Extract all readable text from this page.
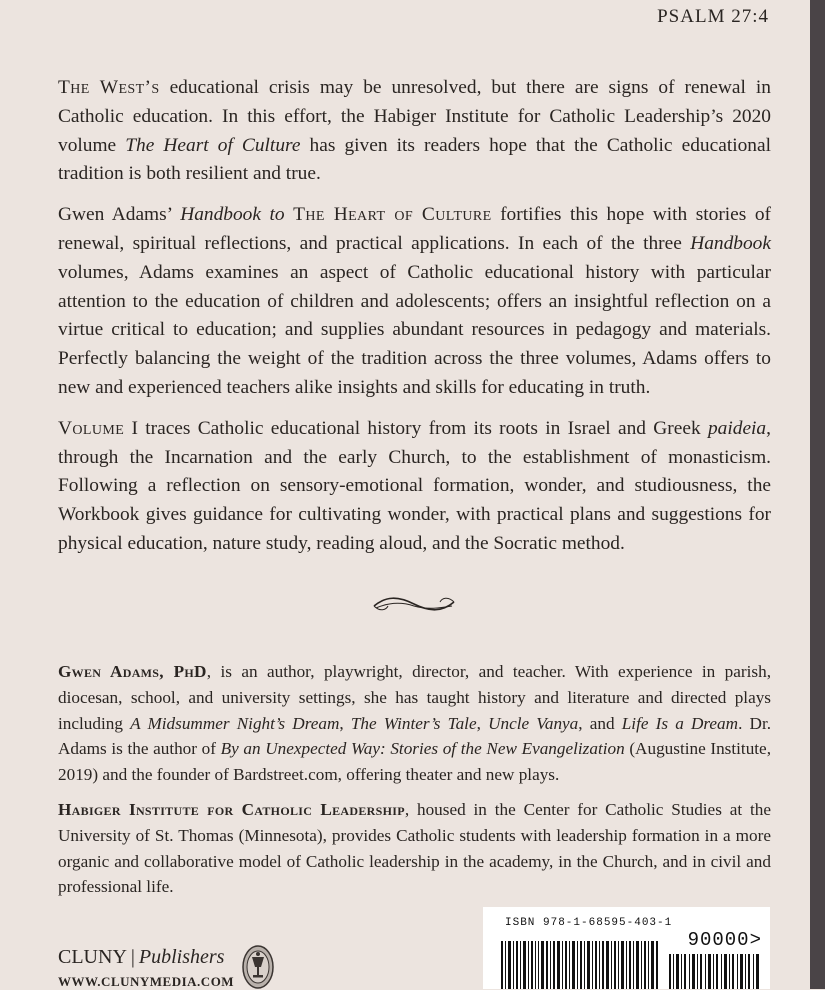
PSALM 27:4

The West’s educational crisis may be unresolved, but there are signs of renewal in Catholic education. In this effort, the Habiger Institute for Catholic Leadership’s 2020 volume The Heart of Culture has given its readers hope that the Catholic educational tradition is both resilient and true.

Gwen Adams’ Handbook to The Heart of Culture fortifies this hope with stories of renewal, spiritual reflections, and practical applications. In each of the three Handbook volumes, Adams examines an aspect of Catholic educational history with particular attention to the education of children and adolescents; offers an insightful reflection on a virtue critical to education; and supplies abundant resources in pedagogy and materials. Perfectly balancing the weight of the tradition across the three volumes, Adams offers to new and experienced teachers alike insights and skills for educating in truth.

Volume I traces Catholic educational history from its roots in Israel and Greek paideia, through the Incarnation and the early Church, to the establishment of monasticism. Following a reflection on sensory-emotional formation, wonder, and studiousness, the Workbook gives guidance for cultivating wonder, with practical plans and suggestions for physical education, nature study, reading aloud, and the Socratic method.

Gwen Adams, PhD, is an author, playwright, director, and teacher. With experience in parish, diocesan, school, and university settings, she has taught history and literature and directed plays including A Midsummer Night’s Dream, The Winter’s Tale, Uncle Vanya, and Life Is a Dream. Dr. Adams is the author of By an Unexpected Way: Stories of the New Evangelization (Augustine Institute, 2019) and the founder of Bardstreet.com, offering theater and new plays.

Habiger Institute for Catholic Leadership, housed in the Center for Catholic Studies at the University of St. Thomas (Minnesota), provides Catholic students with leadership formation in a more organic and collaborative model of Catholic leadership in the academy, in the Church, and in civil and professional life.

CLUNY | Publishers
WWW.CLUNYMEDIA.COM
ISBN 978-1-68595-403-1
90000>
